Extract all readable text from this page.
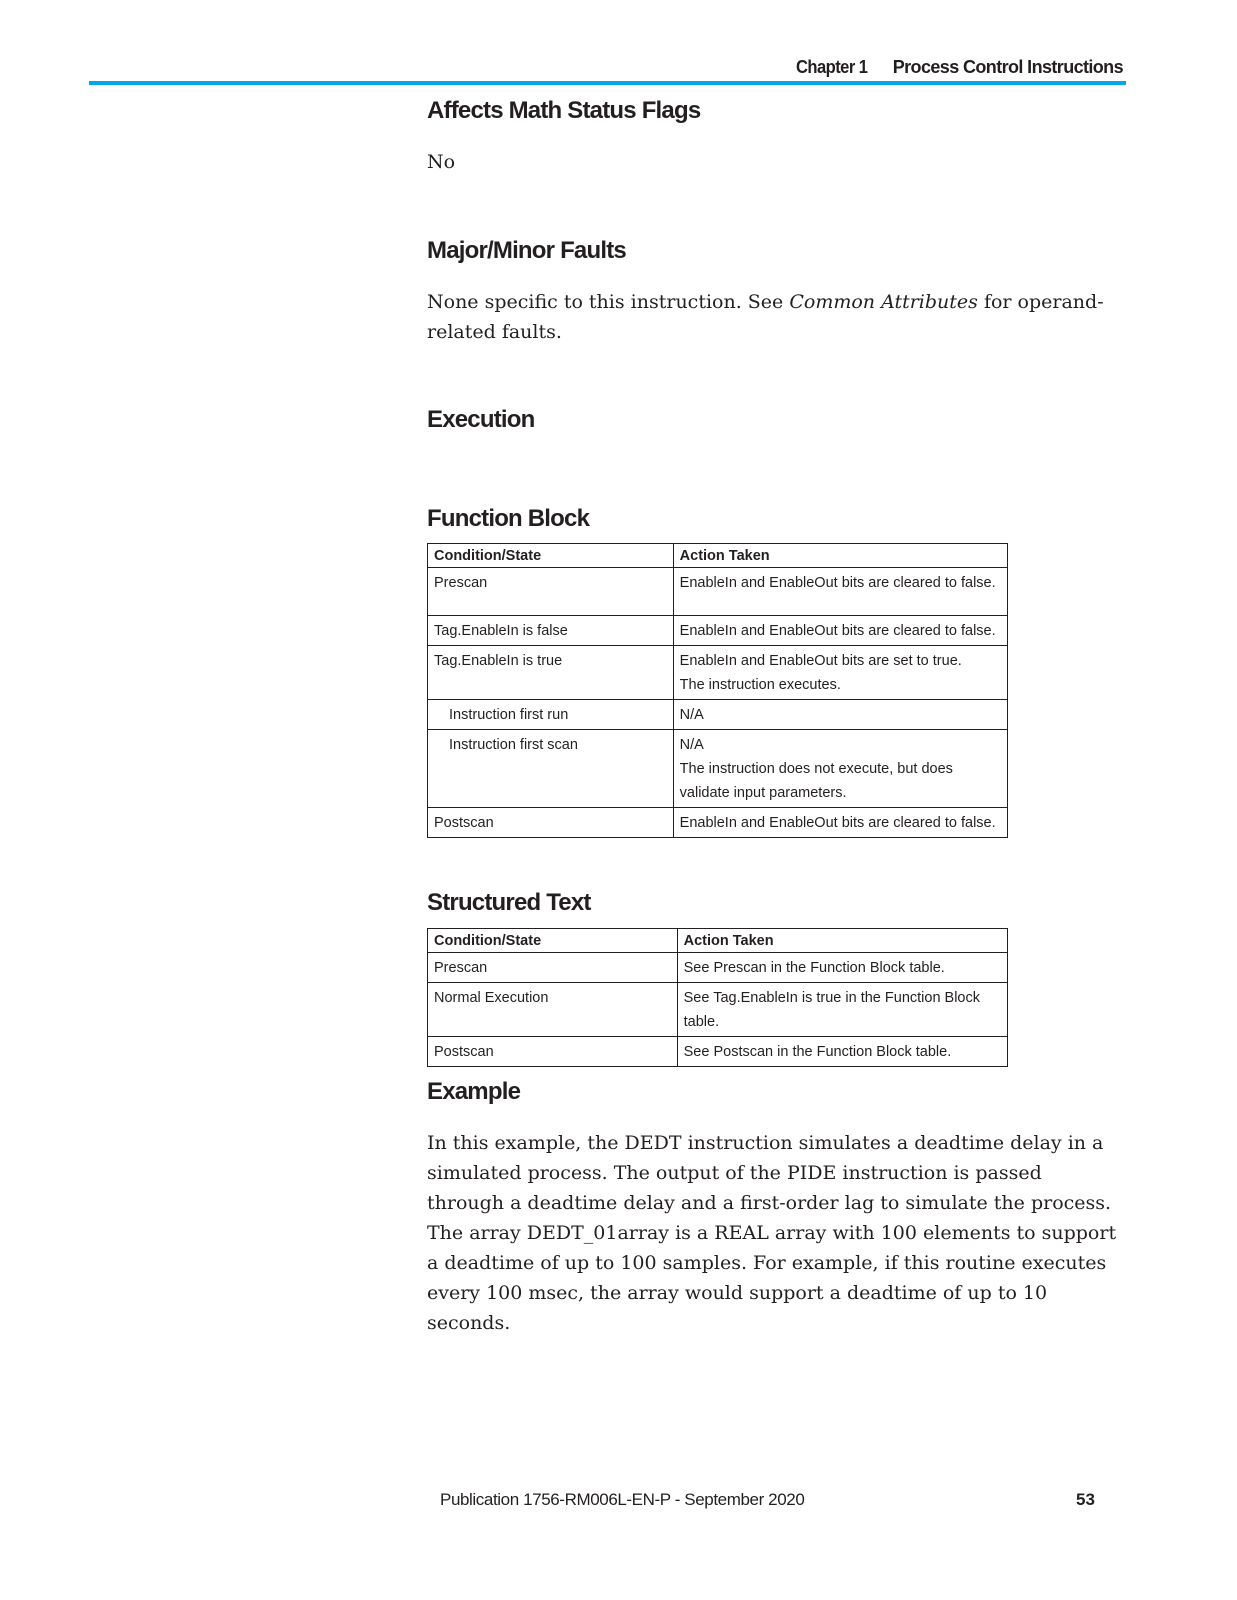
Chapter 1 Process Control Instructions
Affects Math Status Flags

No

Major/Minor Faults

None specific to this instruction. See Common Attributes for operand-related faults.

Execution
Function Block
Condition/State	Action Taken
Prescan	EnableIn and EnableOut bits are cleared to false.
Tag.EnableIn is false	EnableIn and EnableOut bits are cleared to false.
Tag.EnableIn is true	EnableIn and EnableOut bits are set to true.
The instruction executes.

Instruction first run	N/A
Instruction first scan	N/A
The instruction does not execute, but does validate input parameters.

Postscan	EnableIn and EnableOut bits are cleared to false.
Structured Text
Condition/State	Action Taken
Prescan	See Prescan in the Function Block table.
Normal Execution	See Tag.EnableIn is true in the Function Block table.
Postscan	See Postscan in the Function Block table.
Example

In this example, the DEDT instruction simulates a deadtime delay in a simulated process. The output of the PIDE instruction is passed through a deadtime delay and a first-order lag to simulate the process. The array DEDT_01array is a REAL array with 100 elements to support a deadtime of up to 100 samples. For example, if this routine executes every 100 msec, the array would support a deadtime of up to 10 seconds.

Publication 1756-RM006L-EN-P - September 2020	53
